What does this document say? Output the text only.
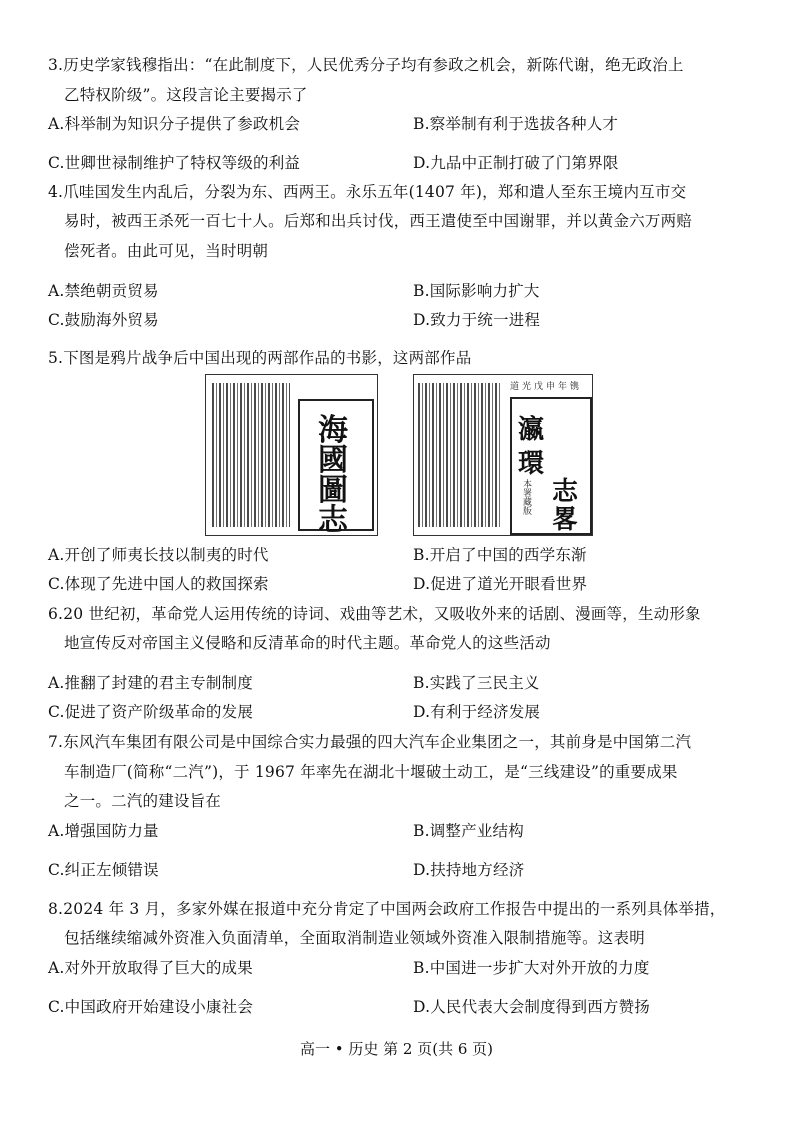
3.历史学家钱穆指出：“在此制度下，人民优秀分子均有参政之机会，新陈代谢，绝无政治上
乙特权阶级”。这段言论主要揭示了
A.科举制为知识分子提供了参政机会	B.察举制有利于选拔各种人才
C.世卿世禄制维护了特权等级的利益	D.九品中正制打破了门第界限
4.爪哇国发生内乱后，分裂为东、西两王。永乐五年(1407 年)，郑和遣人至东王境内互市交
易时，被西王杀死一百七十人。后郑和出兵讨伐，西王遣使至中国谢罪，并以黄金六万两赔
偿死者。由此可见，当时明朝
A.禁绝朝贡贸易	B.国际影响力扩大
C.鼓励海外贸易	D.致力于统一进程
5.下图是鸦片战争后中国出现的两部作品的书影，这两部作品
海
國
圖
志
道光戊申年镌
瀛
環
志
畧
本署藏版
A.开创了师夷长技以制夷的时代	B.开启了中国的西学东渐
C.体现了先进中国人的救国探索	D.促进了道光开眼看世界
6.20 世纪初，革命党人运用传统的诗词、戏曲等艺术，又吸收外来的话剧、漫画等，生动形象
地宣传反对帝国主义侵略和反清革命的时代主题。革命党人的这些活动
A.推翻了封建的君主专制制度	B.实践了三民主义
C.促进了资产阶级革命的发展	D.有利于经济发展
7.东风汽车集团有限公司是中国综合实力最强的四大汽车企业集团之一，其前身是中国第二汽
车制造厂(简称“二汽”)，于 1967 年率先在湖北十堰破土动工，是“三线建设”的重要成果
之一。二汽的建设旨在
A.增强国防力量	B.调整产业结构
C.纠正左倾错误	D.扶持地方经济
8.2024 年 3 月，多家外媒在报道中充分肯定了中国两会政府工作报告中提出的一系列具体举措，
包括继续缩减外资准入负面清单，全面取消制造业领域外资准入限制措施等。这表明
A.对外开放取得了巨大的成果	B.中国进一步扩大对外开放的力度
C.中国政府开始建设小康社会	D.人民代表大会制度得到西方赞扬
高一 • 历史 第 2 页(共 6 页)
